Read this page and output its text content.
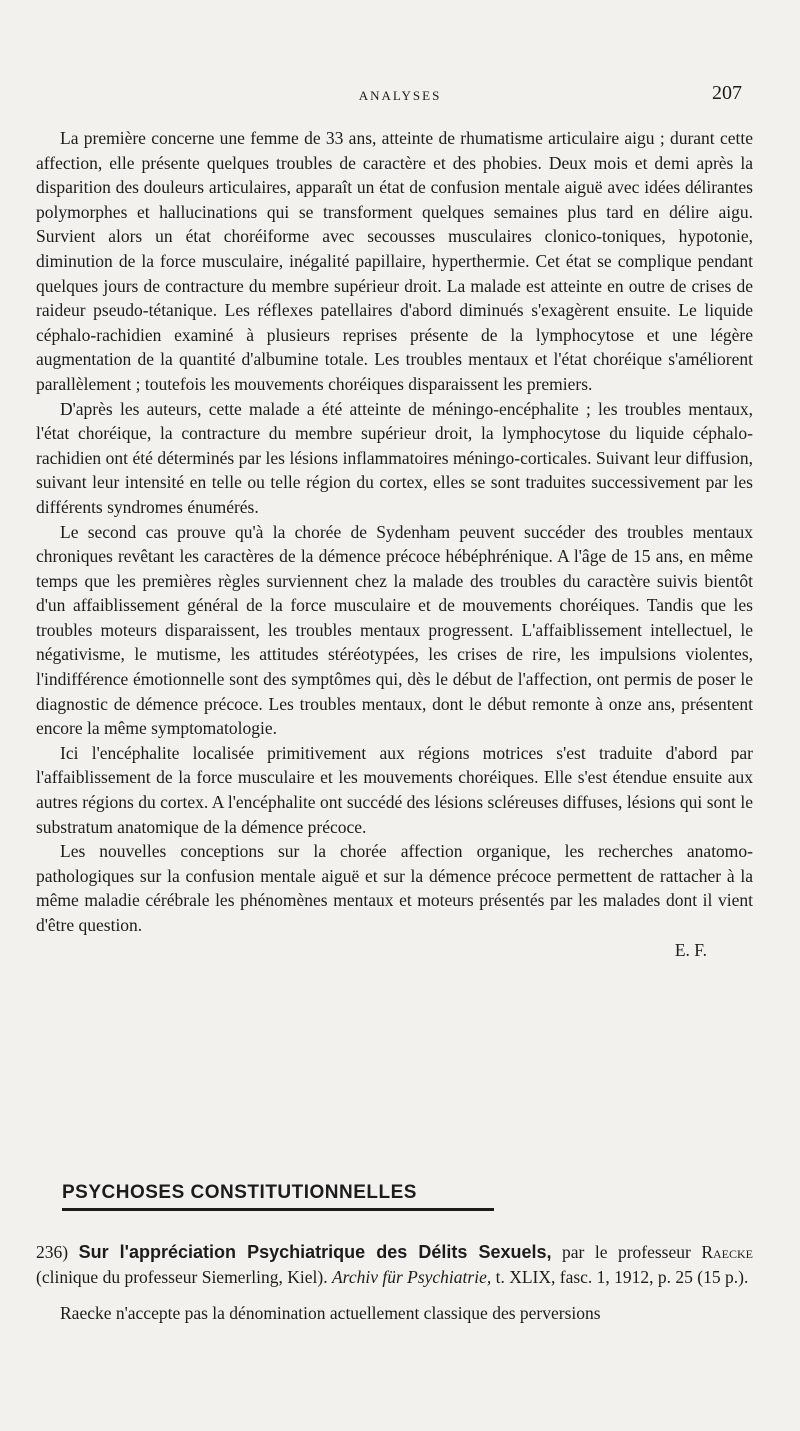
ANALYSES	207

La première concerne une femme de 33 ans, atteinte de rhumatisme articulaire aigu ; durant cette affection, elle présente quelques troubles de caractère et des phobies. Deux mois et demi après la disparition des douleurs articulaires, apparaît un état de confusion mentale aiguë avec idées délirantes polymorphes et hallucinations qui se transforment quelques semaines plus tard en délire aigu. Survient alors un état choréiforme avec secousses musculaires clonico-toniques, hypotonie, diminution de la force musculaire, inégalité papillaire, hyperthermie. Cet état se complique pendant quelques jours de contracture du membre supérieur droit. La malade est atteinte en outre de crises de raideur pseudo-tétanique. Les réflexes patellaires d'abord diminués s'exagèrent ensuite. Le liquide céphalo-rachidien examiné à plusieurs reprises présente de la lymphocytose et une légère augmentation de la quantité d'albumine totale. Les troubles mentaux et l'état choréique s'améliorent parallèlement ; toutefois les mouvements choréiques disparaissent les premiers.

D'après les auteurs, cette malade a été atteinte de méningo-encéphalite ; les troubles mentaux, l'état choréique, la contracture du membre supérieur droit, la lymphocytose du liquide céphalo-rachidien ont été déterminés par les lésions inflammatoires méningo-corticales. Suivant leur diffusion, suivant leur intensité en telle ou telle région du cortex, elles se sont traduites successivement par les différents syndromes énumérés.

Le second cas prouve qu'à la chorée de Sydenham peuvent succéder des troubles mentaux chroniques revêtant les caractères de la démence précoce hébéphrénique. A l'âge de 15 ans, en même temps que les premières règles surviennent chez la malade des troubles du caractère suivis bientôt d'un affaiblissement général de la force musculaire et de mouvements choréiques. Tandis que les troubles moteurs disparaissent, les troubles mentaux progressent. L'affaiblissement intellectuel, le négativisme, le mutisme, les attitudes stéréotypées, les crises de rire, les impulsions violentes, l'indifférence émotionnelle sont des symptômes qui, dès le début de l'affection, ont permis de poser le diagnostic de démence précoce. Les troubles mentaux, dont le début remonte à onze ans, présentent encore la même symptomatologie.

Ici l'encéphalite localisée primitivement aux régions motrices s'est traduite d'abord par l'affaiblissement de la force musculaire et les mouvements choréiques. Elle s'est étendue ensuite aux autres régions du cortex. A l'encéphalite ont succédé des lésions scléreuses diffuses, lésions qui sont le substratum anatomique de la démence précoce.

Les nouvelles conceptions sur la chorée affection organique, les recherches anatomo-pathologiques sur la confusion mentale aiguë et sur la démence précoce permettent de rattacher à la même maladie cérébrale les phénomènes mentaux et moteurs présentés par les malades dont il vient d'être question.

E. F.

PSYCHOSES CONSTITUTIONNELLES

236) Sur l'appréciation Psychiatrique des Délits Sexuels, par le professeur Raecke (clinique du professeur Siemerling, Kiel). Archiv für Psychiatrie, t. XLIX, fasc. 1, 1912, p. 25 (15 p.).

Raecke n'accepte pas la dénomination actuellement classique des perversions
